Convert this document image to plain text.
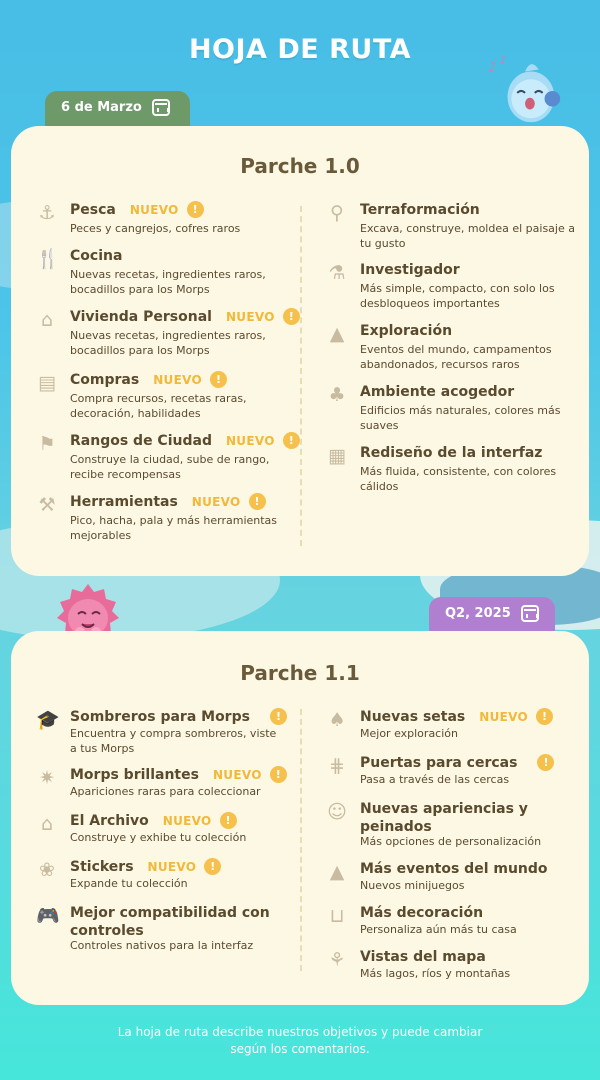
HOJA DE RUTA
♪ ♪
6 de Marzo
Parche 1.0
⚓ Pesca NUEVO !
Peces y cangrejos, cofres raros
🍴 Cocina
Nuevas recetas, ingredientes raros, bocadillos para los Morps
⌂	Vivienda Personal NUEVO !
Nuevas recetas, ingredientes raros, bocadillos para los Morps
▤ Compras NUEVO !
Compra recursos, recetas raras, decoración, habilidades
⚑ Rangos de Ciudad NUEVO !
Construye la ciudad, sube de rango, recibe recompensas
⚒ Herramientas NUEVO !
Pico, hacha, pala y más herramientas mejorables
⚲ Terraformación
Excava, construye, moldea el paisaje a tu gusto
⚗ Investigador
Más simple, compacto, con solo los desbloqueos importantes
▲ Exploración
Eventos del mundo, campamentos abandonados, recursos raros
♣ Ambiente acogedor
Edificios más naturales, colores más suaves
▦ Rediseño de la interfaz
Más fluida, consistente, con colores cálidos
Q2, 2025
Parche 1.1
🎓 Sombreros para Morps !
Encuentra y compra sombreros, viste a tus Morps
✷ Morps brillantes NUEVO !
Apariciones raras para coleccionar
⌂	El Archivo NUEVO !
Construye y exhibe tu colección
❀ Stickers NUEVO !
Expande tu colección
🎮 Mejor compatibilidad con controles
Controles nativos para la interfaz
♠ Nuevas setas NUEVO !
Mejor exploración
⋕ Puertas para cercas !
Pasa a través de las cercas
☺ Nuevas apariencias y peinados
Más opciones de personalización
▲ Más eventos del mundo
Nuevos minijuegos
⊔ Más decoración
Personaliza aún más tu casa
⚘ Vistas del mapa
Más lagos, ríos y montañas
La hoja de ruta describe nuestros objetivos y puede cambiar según los comentarios.
